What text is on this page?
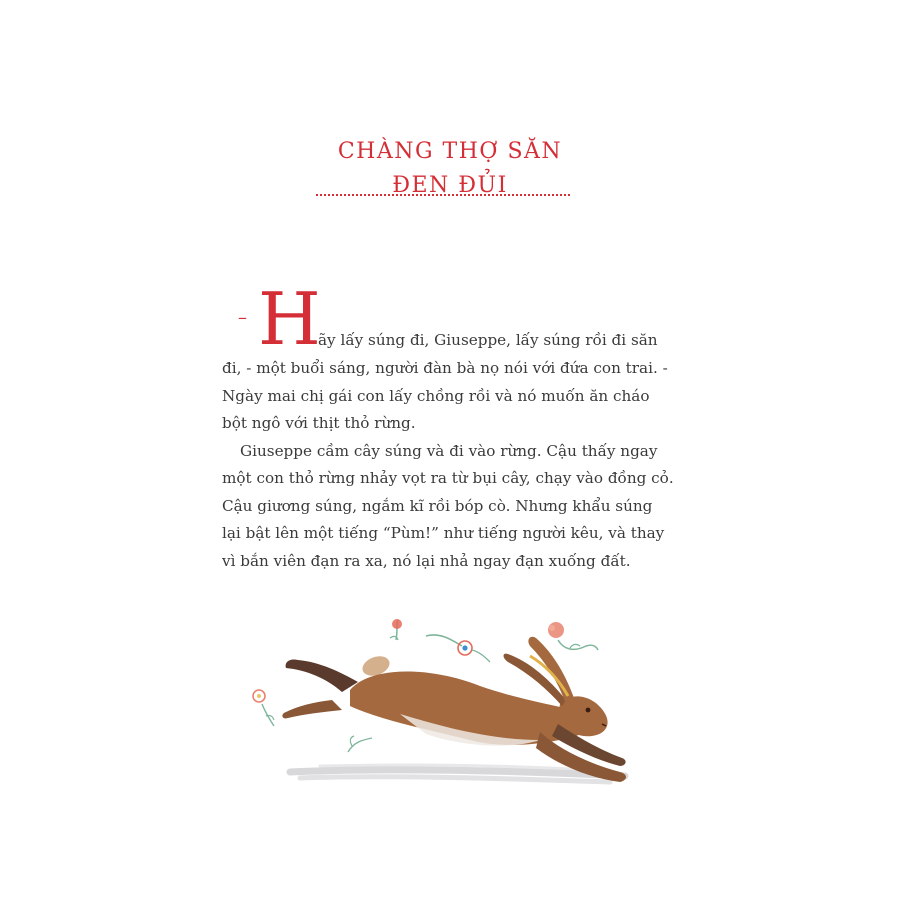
CHÀNG THỢ SĂN
ĐEN ĐỦI
– H
ãy lấy súng đi, Giuseppe, lấy súng rồi đi săn
đi, - một buổi sáng, người đàn bà nọ nói với đứa con trai. -
Ngày mai chị gái con lấy chồng rồi và nó muốn ăn cháo
bột ngô với thịt thỏ rừng.
Giuseppe cầm cây súng và đi vào rừng. Cậu thấy ngay
một con thỏ rừng nhảy vọt ra từ bụi cây, chạy vào đồng cỏ.
Cậu giương súng, ngắm kĩ rồi bóp cò. Nhưng khẩu súng
lại bật lên một tiếng “Pùm!” như tiếng người kêu, và thay
vì bắn viên đạn ra xa, nó lại nhả ngay đạn xuống đất.
